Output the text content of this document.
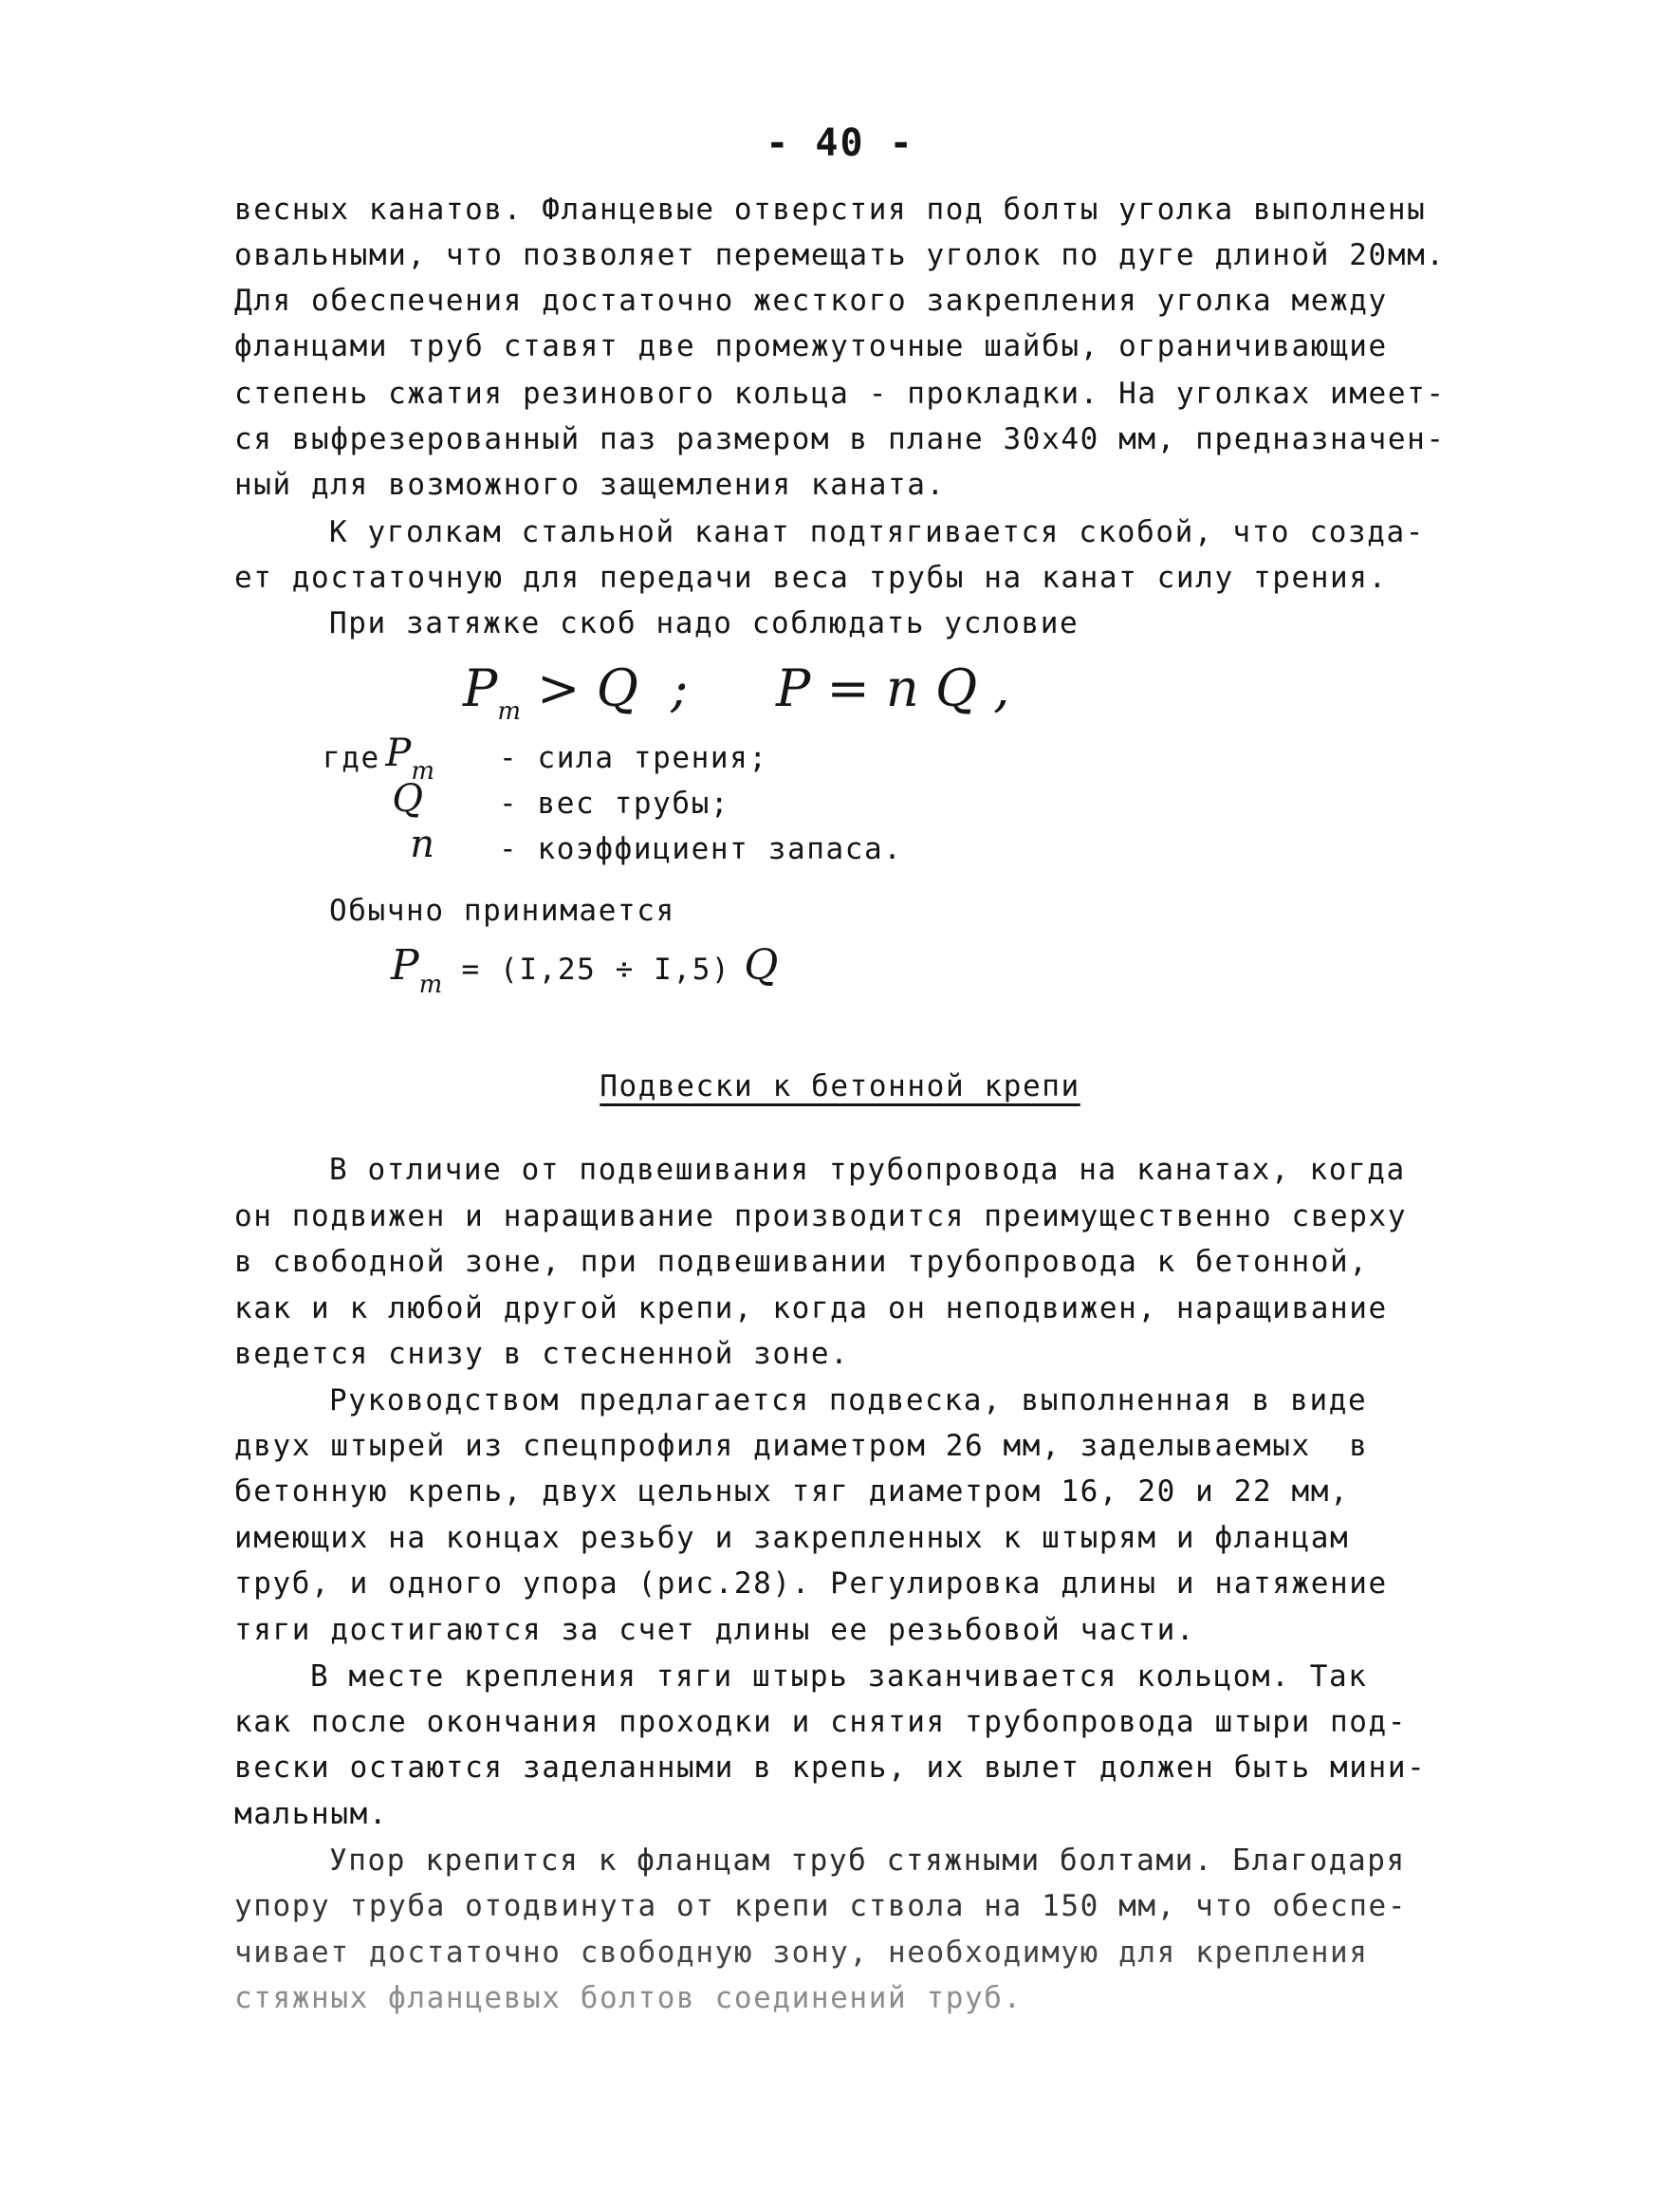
- 40 -
весных канатов. Фланцевые отверстия под болты уголка выполнены
овальными, что позволяет перемещать уголок по дуге длиной 20мм.
Для обеспечения достаточно жесткого закрепления уголка между
фланцами труб ставят две промежуточные шайбы, ограничивающие
степень сжатия резинового кольца - прокладки. На уголках имеет-
ся выфрезерованный паз размером в плане 30х40 мм, предназначен-
ный для возможного защемления каната.
К уголкам стальной канат подтягивается скобой, что созда-
ет достаточную для передачи веса трубы на канат силу трения.
При затяжке скоб надо соблюдать условие
$P_т > Q$  ; P = n Q ,
где $P_т$ - сила трения;
Q	- вес трубы;
n - коэффициент запаса.
Обычно принимается
$P_т = (I,25 \div I,5)$ Q
Подвески к бетонной крепи
В отличие от подвешивания трубопровода на канатах, когда
он подвижен и наращивание производится преимущественно сверху
в свободной зоне, при подвешивании трубопровода к бетонной,
как и к любой другой крепи, когда он неподвижен, наращивание
ведется снизу в стесненной зоне.
Руководством предлагается подвеска, выполненная в виде
двух штырей из спецпрофиля диаметром 26 мм, заделываемых  в
бетонную крепь, двух цельных тяг диаметром 16, 20 и 22 мм,
имеющих на концах резьбу и закрепленных к штырям и фланцам
труб, и одного упора (рис.28). Регулировка длины и натяжение
тяги достигаются за счет длины ее резьбовой части.
В месте крепления тяги штырь заканчивается кольцом. Так
как после окончания проходки и снятия трубопровода штыри под-
вески остаются заделанными в крепь, их вылет должен быть мини-
мальным.
Упор крепится к фланцам труб стяжными болтами. Благодаря
упору труба отодвинута от крепи ствола на 150 мм, что обеспе-
чивает достаточно свободную зону, необходимую для крепления
стяжных фланцевых болтов соединений труб.
